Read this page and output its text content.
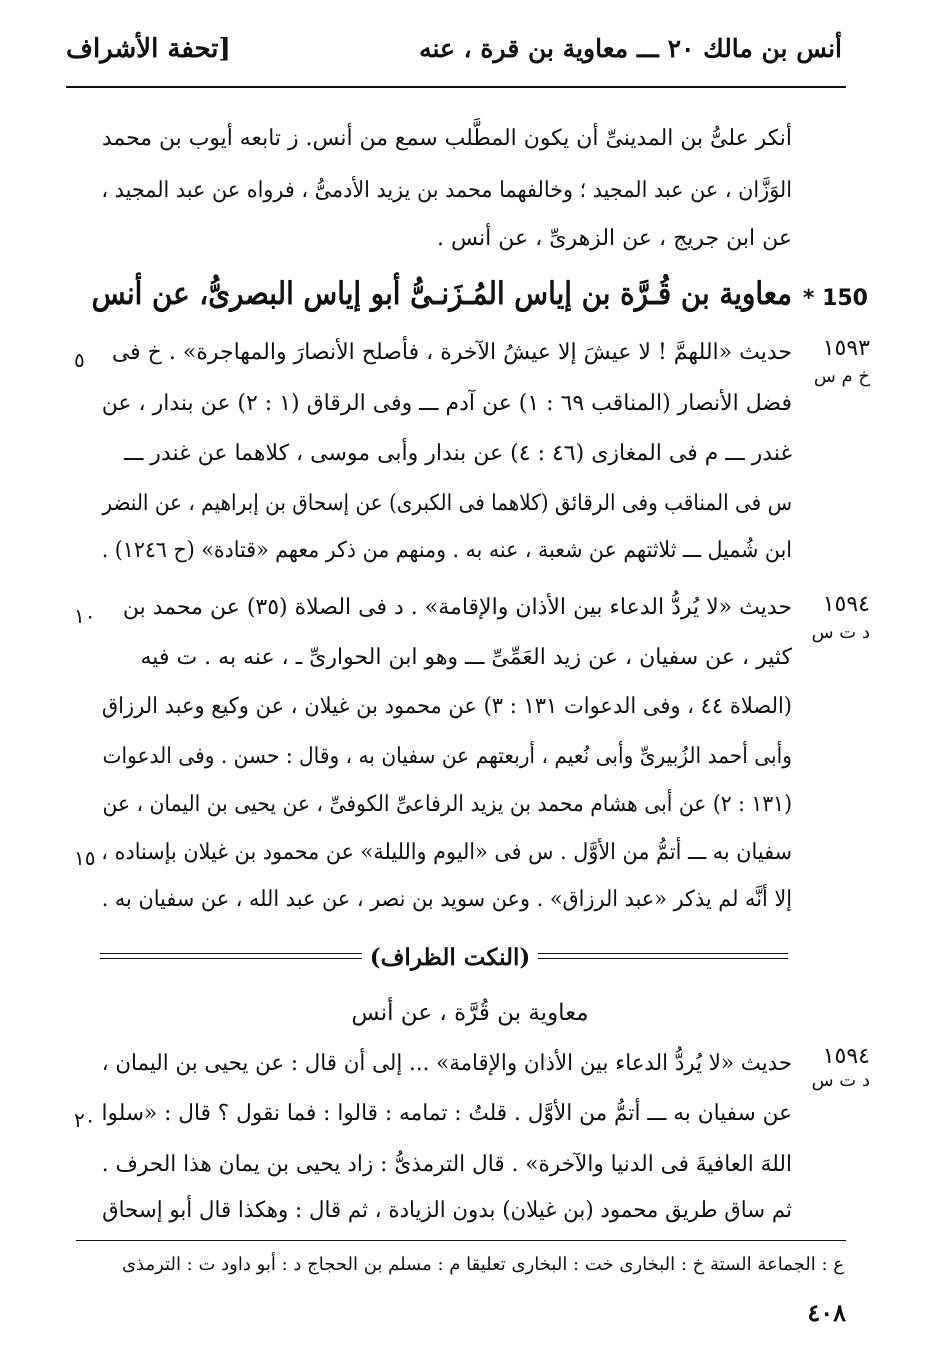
أنس بن مالك ٢٠ ـــ معاوية بن قرة ، عنه
[تحفة الأشراف
أنكر علىُّ بن المدينىِّ أن يكون المطَّلب سمع من أنس. ز تابعه أيوب بن محمد
الوَزَّان ، عن عبد المجيد ؛ وخالفهما محمد بن يزيد الأدمىُّ ، فرواه عن عبد المجيد ،
عن ابن جريج ، عن الزهرىِّ ، عن أنس .
150 *
معاوية بن قُـرَّة بن إياس المُـزَنـىُّ أبو إياس البصرىُّ، عن أنس
١٥٩٣
خ م س
حديث «اللهمَّ ! لا عيشَ إلا عيشُ الآخرة ، فأصلح الأنصارَ والمهاجرة» . خ فى
فضل الأنصار (المناقب ٦٩ : ١) عن آدم ـــ وفى الرقاق (١ : ٢) عن بندار ، عن
غندر ـــ م فى المغازى (٤٦ : ٤) عن بندار وأبى موسى ، كلاهما عن غندر ـــ
س فى المناقب وفى الرقائق (كلاهما فى الكبرى) عن إسحاق بن إبراهيم ، عن النضر
ابن شُميل ـــ ثلاثتهم عن شعبة ، عنه به . ومنهم من ذكر معهم «قتادة» (ح ١٢٤٦) .
٥
١٥٩٤
د ت س
حديث «لا يُردُّ الدعاء بين الأذان والإقامة» . د فى الصلاة (٣٥) عن محمد بن
كثير ، عن سفيان ، عن زيد العَمِّىِّ ـــ وهو ابن الحوارىِّ ـ ، عنه به . ت فيه
(الصلاة ٤٤ ، وفى الدعوات ١٣١ : ٣) عن محمود بن غيلان ، عن وكيع وعبد الرزاق
وأبى أحمد الزُبيرىِّ وأبى نُعيم ، أربعتهم عن سفيان به ، وقال : حسن . وفى الدعوات
(١٣١ : ٢) عن أبى هشام محمد بن يزيد الرفاعىِّ الكوفىِّ ، عن يحيى بن اليمان ، عن
سفيان به ـــ أتمُّ من الأوَّل . س فى «اليوم والليلة» عن محمود بن غيلان بإسناده ،
إلا أنَّه لم يذكر «عبد الرزاق» . وعن سويد بن نصر ، عن عبد الله ، عن سفيان به .
١٠
١٥
(النكت الظراف)
معاوية بن قُرَّة ، عن أنس
١٥٩٤
د ت س
حديث «لا يُردُّ الدعاء بين الأذان والإقامة» ... إلى أن قال : عن يحيى بن اليمان ،
عن سفيان به ـــ أتمُّ من الأوَّل . قلتُ : تمامه : قالوا : فما نقول ؟ قال : «سلوا
اللهَ العافيةَ فى الدنيا والآخرة» . قال الترمذىُّ : زاد يحيى بن يمان هذا الحرف .
ثم ساق طريق محمود (بن غيلان) بدون الزيادة ، ثم قال : وهكذا قال أبو إسحاق
٢٠
ع : الجماعة الستة خ : البخارى خت : البخارى تعليقا م : مسلم بن الحجاج د : أبو داود ت : الترمذى
٤٠٨
